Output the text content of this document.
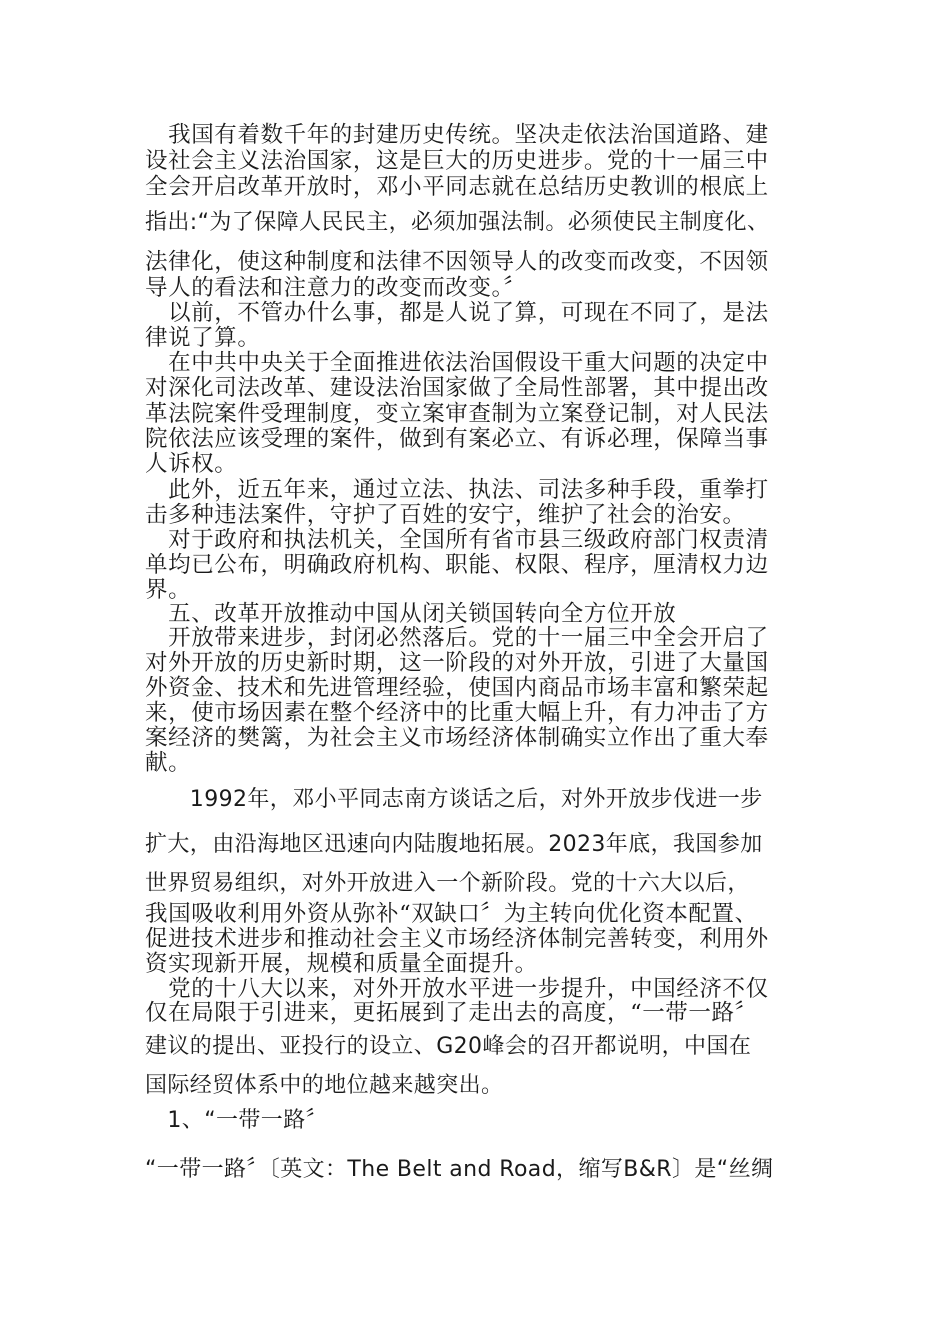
　我国有着数千年的封建历史传统。坚决走依法治国道路、建

设社会主义法治国家，这是巨大的历史进步。党的十一届三中

全会开启改革开放时，邓小平同志就在总结历史教训的根底上

指出:“为了保障人民民主，必须加强法制。必须使民主制度化、

法律化，使这种制度和法律不因领导人的改变而改变，不因领

导人的看法和注意力的改变而改变。〞

　以前，不管办什么事，都是人说了算，可现在不同了，是法

律说了算。

　在中共中央关于全面推进依法治国假设干重大问题的决定中

对深化司法改革、建设法治国家做了全局性部署，其中提出改

革法院案件受理制度，变立案审查制为立案登记制，对人民法

院依法应该受理的案件，做到有案必立、有诉必理，保障当事

人诉权。

　此外，近五年来，通过立法、执法、司法多种手段，重拳打

击多种违法案件，守护了百姓的安宁，维护了社会的治安。

　对于政府和执法机关，全国所有省市县三级政府部门权责清

单均已公布，明确政府机构、职能、权限、程序，厘清权力边

界。

　五、改革开放推动中国从闭关锁国转向全方位开放

　开放带来进步，封闭必然落后。党的十一届三中全会开启了

对外开放的历史新时期，这一阶段的对外开放，引进了大量国

外资金、技术和先进管理经验，使国内商品市场丰富和繁荣起

来，使市场因素在整个经济中的比重大幅上升，有力冲击了方

案经济的樊篱，为社会主义市场经济体制确实立作出了重大奉

献。

　　1992年，邓小平同志南方谈话之后，对外开放步伐进一步

扩大，由沿海地区迅速向内陆腹地拓展。2023年底，我国参加

世界贸易组织，对外开放进入一个新阶段。党的十六大以后，

我国吸收利用外资从弥补“双缺口〞为主转向优化资本配置、

促进技术进步和推动社会主义市场经济体制完善转变，利用外

资实现新开展，规模和质量全面提升。

　党的十八大以来，对外开放水平进一步提升，中国经济不仅

仅在局限于引进来，更拓展到了走出去的高度，“一带一路〞

建议的提出、亚投行的设立、G20峰会的召开都说明，中国在

国际经贸体系中的地位越来越突出。

　1、“一带一路〞

“一带一路〞〔英文：The Belt and Road，缩写B&R〕是“丝绸
